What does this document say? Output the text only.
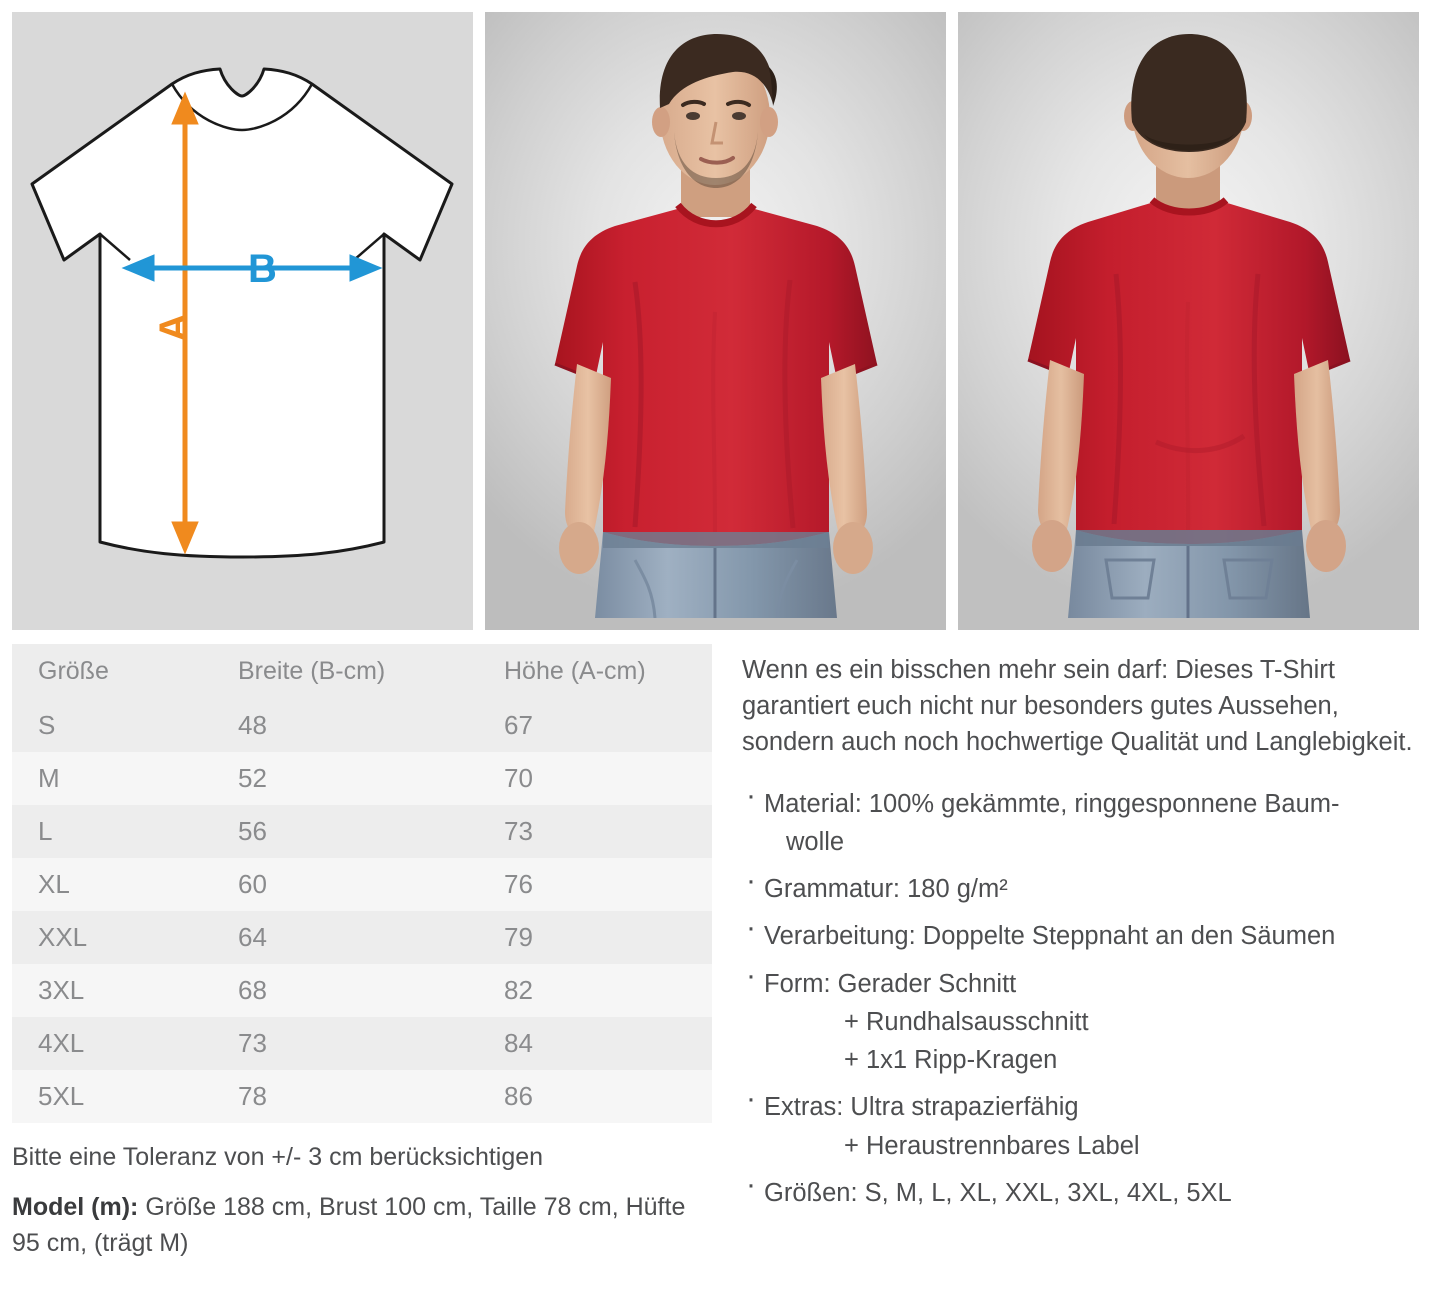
B
A
Größe	Breite (B-cm)	Höhe (A-cm)
S	48	67
M	52	70
L	56	73
XL	60	76
XXL	64	79
3XL	68	82
4XL	73	84
5XL	78	86
Bitte eine Toleranz von +/- 3 cm berücksichtigen
Model (m): Größe 188 cm, Brust 100 cm, Taille 78 cm, Hüfte 95 cm, (trägt M)

Wenn es ein bisschen mehr sein darf: Dieses T-Shirt garantiert euch nicht nur besonders gutes Aussehen, sondern auch noch hochwertige Qualität und Langlebigkeit.

· Material: 100% gekämmte, ringgesponnene Baum-
wolle
· Grammatur: 180 g/m²
· Verarbeitung: Doppelte Steppnaht an den Säumen
· Form: Gerader Schnitt
+ Rundhalsausschnitt
+ 1x1 Ripp-Kragen
· Extras: Ultra strapazierfähig
+ Heraustrennbares Label
· Größen: S, M, L, XL, XXL, 3XL, 4XL, 5XL
